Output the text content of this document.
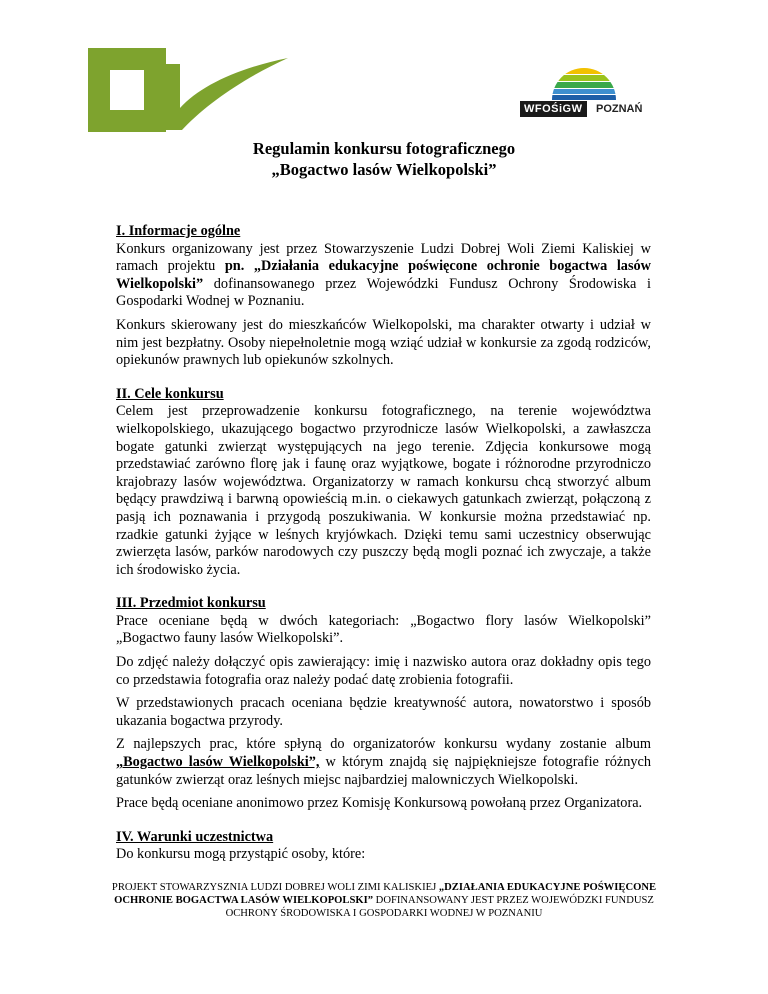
WFOŚiGW	POZNAŃ
Regulamin konkursu fotograficznego
„Bogactwo lasów Wielkopolski”

I. Informacje ogólne

Konkurs organizowany jest przez Stowarzyszenie Ludzi Dobrej Woli Ziemi Kaliskiej w ramach projektu pn. „Działania edukacyjne poświęcone ochronie bogactwa lasów Wielkopolski” dofinansowanego przez Wojewódzki Fundusz Ochrony Środowiska i Gospodarki Wodnej w Poznaniu.

Konkurs skierowany jest do mieszkańców Wielkopolski, ma charakter otwarty i udział w nim jest bezpłatny. Osoby niepełnoletnie mogą wziąć udział w konkursie za zgodą rodziców, opiekunów prawnych lub opiekunów szkolnych.

II. Cele konkursu

Celem jest przeprowadzenie konkursu fotograficznego, na terenie województwa wielkopolskiego, ukazującego bogactwo przyrodnicze lasów Wielkopolski, a zawłaszcza bogate gatunki zwierząt występujących na jego terenie. Zdjęcia konkursowe mogą przedstawiać zarówno florę jak i faunę oraz wyjątkowe, bogate i różnorodne przyrodniczo krajobrazy lasów województwa. Organizatorzy w ramach konkursu chcą stworzyć album będący prawdziwą i barwną opowieścią m.in. o ciekawych gatunkach zwierząt, połączoną z pasją ich poznawania i przygodą poszukiwania. W konkursie można przedstawiać np. rzadkie gatunki żyjące w leśnych kryjówkach. Dzięki temu sami uczestnicy obserwując zwierzęta lasów, parków narodowych czy puszczy będą mogli poznać ich zwyczaje, a także ich środowisko życia.

III. Przedmiot konkursu

Prace oceniane będą w dwóch kategoriach: „Bogactwo flory lasów Wielkopolski” „Bogactwo fauny lasów Wielkopolski”.

Do zdjęć należy dołączyć opis zawierający: imię i nazwisko autora oraz dokładny opis tego co przedstawia fotografia oraz należy podać datę zrobienia fotografii.

W przedstawionych pracach oceniana będzie kreatywność autora, nowatorstwo i sposób ukazania bogactwa przyrody.

Z najlepszych prac, które spłyną do organizatorów konkursu wydany zostanie album „Bogactwo lasów Wielkopolski”, w którym znajdą się najpiękniejsze fotografie różnych gatunków zwierząt oraz leśnych miejsc najbardziej malowniczych Wielkopolski.

Prace będą oceniane anonimowo przez Komisję Konkursową powołaną przez Organizatora.

IV. Warunki uczestnictwa

Do konkursu mogą przystąpić osoby, które:

PROJEKT STOWARZYSZNIA LUDZI DOBREJ WOLI ZIMI KALISKIEJ „DZIAŁANIA EDUKACYJNE POŚWIĘCONE OCHRONIE BOGACTWA LASÓW WIELKOPOLSKI” DOFINANSOWANY JEST PRZEZ WOJEWÓDZKI FUNDUSZ OCHRONY ŚRODOWISKA I GOSPODARKI WODNEJ W POZNANIU
